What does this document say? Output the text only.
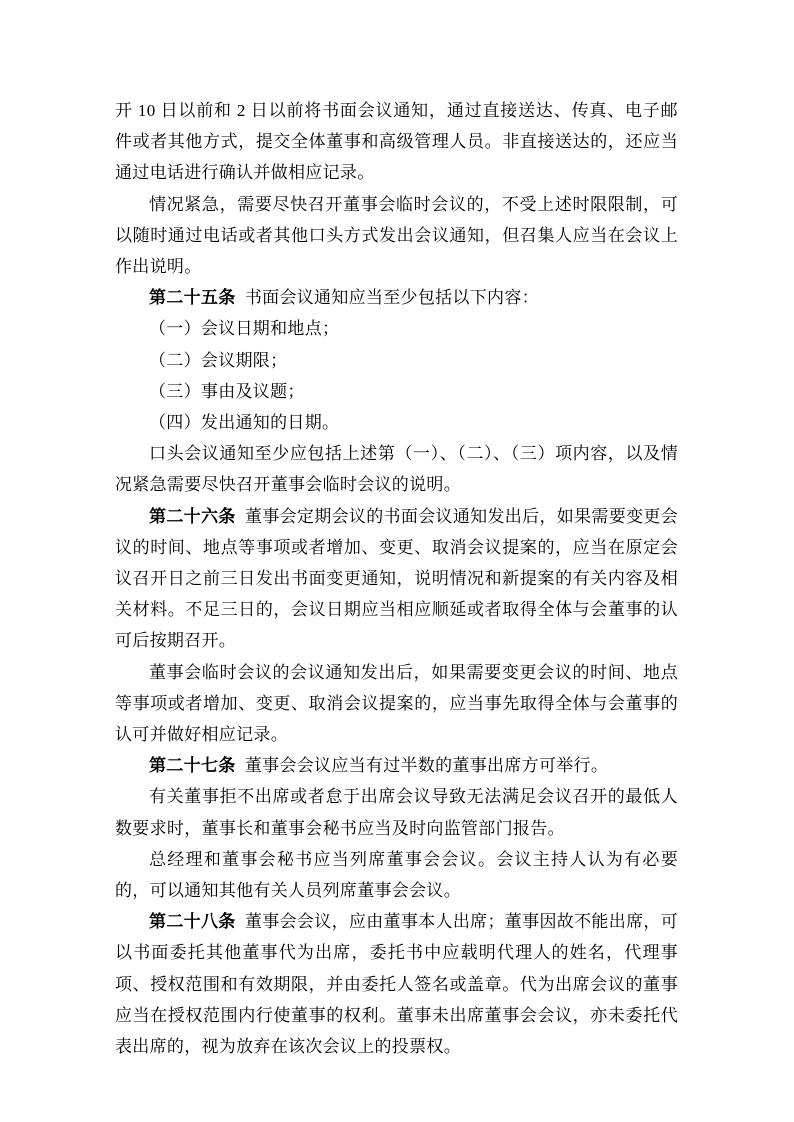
开 10 日以前和 2 日以前将书面会议通知，通过直接送达、传真、电子邮件或者其他方式，提交全体董事和高级管理人员。非直接送达的，还应当通过电话进行确认并做相应记录。

情况紧急，需要尽快召开董事会临时会议的，不受上述时限限制，可以随时通过电话或者其他口头方式发出会议通知，但召集人应当在会议上作出说明。

第二十五条 书面会议通知应当至少包括以下内容：

（一）会议日期和地点；

（二）会议期限；

（三）事由及议题；

（四）发出通知的日期。

口头会议通知至少应包括上述第（一）、（二）、（三）项内容，以及情况紧急需要尽快召开董事会临时会议的说明。

第二十六条 董事会定期会议的书面会议通知发出后，如果需要变更会议的时间、地点等事项或者增加、变更、取消会议提案的，应当在原定会议召开日之前三日发出书面变更通知，说明情况和新提案的有关内容及相关材料。不足三日的，会议日期应当相应顺延或者取得全体与会董事的认可后按期召开。

董事会临时会议的会议通知发出后，如果需要变更会议的时间、地点等事项或者增加、变更、取消会议提案的，应当事先取得全体与会董事的认可并做好相应记录。

第二十七条 董事会会议应当有过半数的董事出席方可举行。

有关董事拒不出席或者怠于出席会议导致无法满足会议召开的最低人数要求时，董事长和董事会秘书应当及时向监管部门报告。

总经理和董事会秘书应当列席董事会会议。会议主持人认为有必要的，可以通知其他有关人员列席董事会会议。

第二十八条 董事会会议，应由董事本人出席；董事因故不能出席，可以书面委托其他董事代为出席，委托书中应载明代理人的姓名，代理事项、授权范围和有效期限，并由委托人签名或盖章。代为出席会议的董事应当在授权范围内行使董事的权利。董事未出席董事会会议，亦未委托代表出席的，视为放弃在该次会议上的投票权。
